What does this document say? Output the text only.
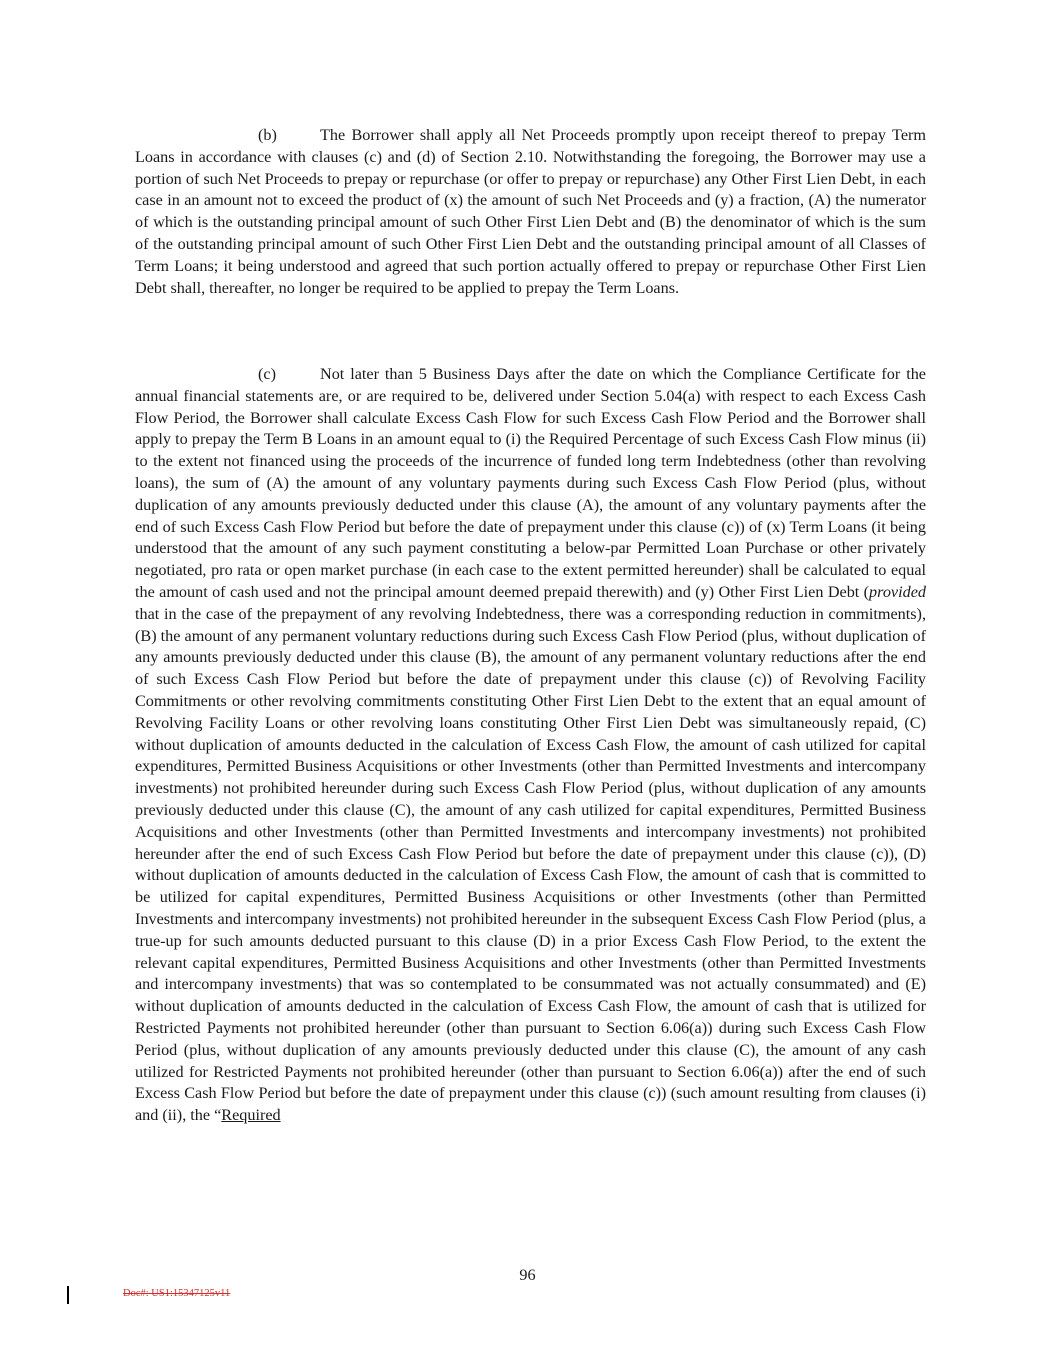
(b)	The Borrower shall apply all Net Proceeds promptly upon receipt thereof to prepay Term Loans in accordance with clauses (c) and (d) of Section 2.10. Notwithstanding the foregoing, the Borrower may use a portion of such Net Proceeds to prepay or repurchase (or offer to prepay or repurchase) any Other First Lien Debt, in each case in an amount not to exceed the product of (x) the amount of such Net Proceeds and (y) a fraction, (A) the numerator of which is the outstanding principal amount of such Other First Lien Debt and (B) the denominator of which is the sum of the outstanding principal amount of such Other First Lien Debt and the outstanding principal amount of all Classes of Term Loans; it being understood and agreed that such portion actually offered to prepay or repurchase Other First Lien Debt shall, thereafter, no longer be required to be applied to prepay the Term Loans.

(c)	Not later than 5 Business Days after the date on which the Compliance Certificate for the annual financial statements are, or are required to be, delivered under Section 5.04(a) with respect to each Excess Cash Flow Period, the Borrower shall calculate Excess Cash Flow for such Excess Cash Flow Period and the Borrower shall apply to prepay the Term B Loans in an amount equal to (i) the Required Percentage of such Excess Cash Flow minus (ii) to the extent not financed using the proceeds of the incurrence of funded long term Indebtedness (other than revolving loans), the sum of (A) the amount of any voluntary payments during such Excess Cash Flow Period (plus, without duplication of any amounts previously deducted under this clause (A), the amount of any voluntary payments after the end of such Excess Cash Flow Period but before the date of prepayment under this clause (c)) of (x) Term Loans (it being understood that the amount of any such payment constituting a below-par Permitted Loan Purchase or other privately negotiated, pro rata or open market purchase (in each case to the extent permitted hereunder) shall be calculated to equal the amount of cash used and not the principal amount deemed prepaid therewith) and (y) Other First Lien Debt (provided that in the case of the prepayment of any revolving Indebtedness, there was a corresponding reduction in commitments), (B) the amount of any permanent voluntary reductions during such Excess Cash Flow Period (plus, without duplication of any amounts previously deducted under this clause (B), the amount of any permanent voluntary reductions after the end of such Excess Cash Flow Period but before the date of prepayment under this clause (c)) of Revolving Facility Commitments or other revolving commitments constituting Other First Lien Debt to the extent that an equal amount of Revolving Facility Loans or other revolving loans constituting Other First Lien Debt was simultaneously repaid, (C) without duplication of amounts deducted in the calculation of Excess Cash Flow, the amount of cash utilized for capital expenditures, Permitted Business Acquisitions or other Investments (other than Permitted Investments and intercompany investments) not prohibited hereunder during such Excess Cash Flow Period (plus, without duplication of any amounts previously deducted under this clause (C), the amount of any cash utilized for capital expenditures, Permitted Business Acquisitions and other Investments (other than Permitted Investments and intercompany investments) not prohibited hereunder after the end of such Excess Cash Flow Period but before the date of prepayment under this clause (c)), (D) without duplication of amounts deducted in the calculation of Excess Cash Flow, the amount of cash that is committed to be utilized for capital expenditures, Permitted Business Acquisitions or other Investments (other than Permitted Investments and intercompany investments) not prohibited hereunder in the subsequent Excess Cash Flow Period (plus, a true-up for such amounts deducted pursuant to this clause (D) in a prior Excess Cash Flow Period, to the extent the relevant capital expenditures, Permitted Business Acquisitions and other Investments (other than Permitted Investments and intercompany investments) that was so contemplated to be consummated was not actually consummated) and (E) without duplication of amounts deducted in the calculation of Excess Cash Flow, the amount of cash that is utilized for Restricted Payments not prohibited hereunder (other than pursuant to Section 6.06(a)) during such Excess Cash Flow Period (plus, without duplication of any amounts previously deducted under this clause (C), the amount of any cash utilized for Restricted Payments not prohibited hereunder (other than pursuant to Section 6.06(a)) after the end of such Excess Cash Flow Period but before the date of prepayment under this clause (c)) (such amount resulting from clauses (i) and (ii), the “Required

96
Doc#: US1:15347125v11
